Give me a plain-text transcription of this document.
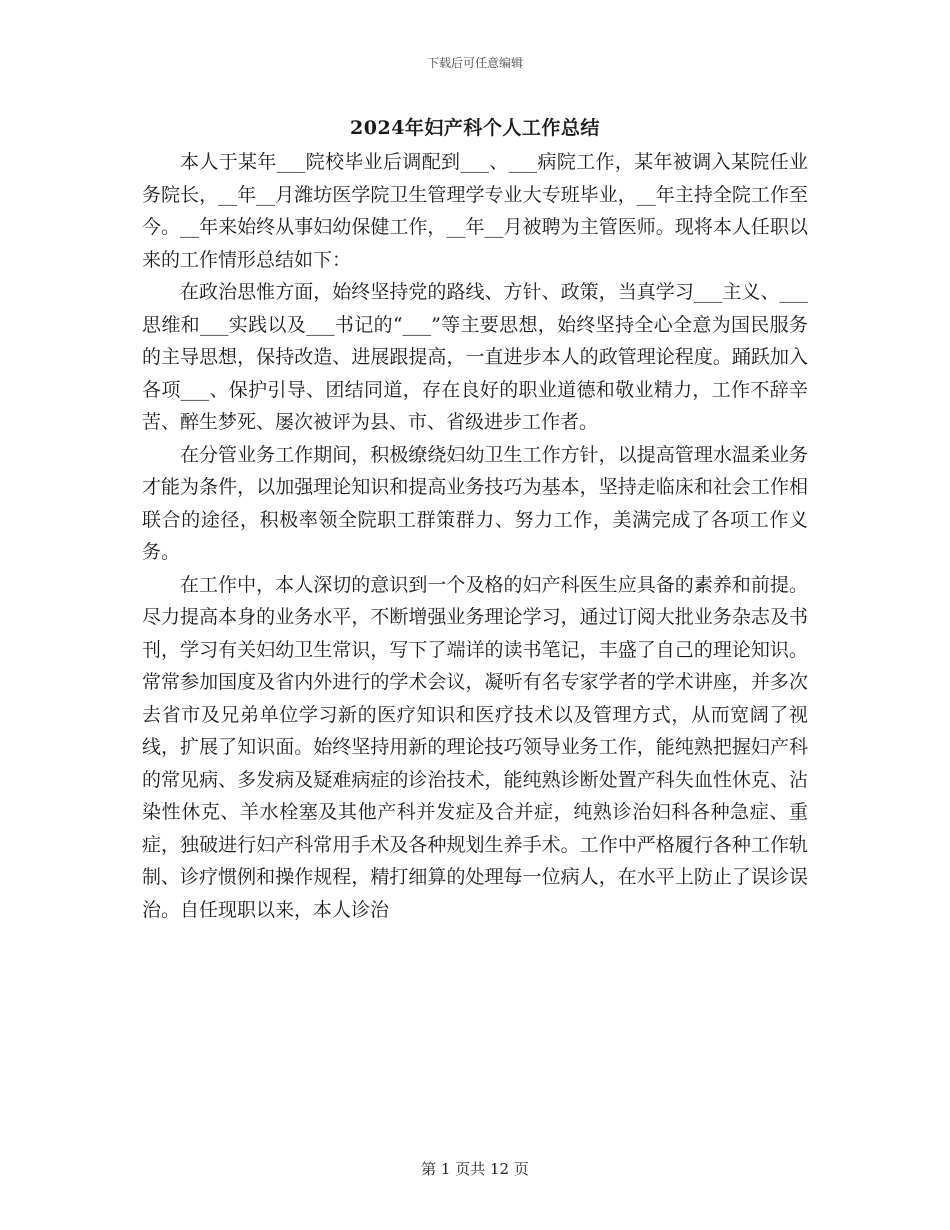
下载后可任意编辑
2024年妇产科个人工作总结

本人于某年___院校毕业后调配到___、___病院工作，某年被调入某院任业务院长，__年__月潍坊医学院卫生管理学专业大专班毕业，__年主持全院工作至今。__年来始终从事妇幼保健工作，__年__月被聘为主管医师。现将本人任职以来的工作情形总结如下：

在政治思惟方面，始终坚持党的路线、方针、政策，当真学习___主义、___思维和___实践以及___书记的“___”等主要思想，始终坚持全心全意为国民服务的主导思想，保持改造、进展跟提高，一直进步本人的政管理论程度。踊跃加入各项___、保护引导、团结同道，存在良好的职业道德和敬业精力，工作不辞辛苦、醉生梦死、屡次被评为县、市、省级进步工作者。

在分管业务工作期间，积极缭绕妇幼卫生工作方针，以提高管理水温柔业务才能为条件，以加强理论知识和提高业务技巧为基本，坚持走临床和社会工作相联合的途径，积极率领全院职工群策群力、努力工作，美满完成了各项工作义务。

在工作中，本人深切的意识到一个及格的妇产科医生应具备的素养和前提。尽力提高本身的业务水平，不断增强业务理论学习，通过订阅大批业务杂志及书刊，学习有关妇幼卫生常识，写下了端详的读书笔记，丰盛了自己的理论知识。常常参加国度及省内外进行的学术会议，凝听有名专家学者的学术讲座，并多次去省市及兄弟单位学习新的医疗知识和医疗技术以及管理方式，从而宽阔了视线，扩展了知识面。始终坚持用新的理论技巧领导业务工作，能纯熟把握妇产科的常见病、多发病及疑难病症的诊治技术，能纯熟诊断处置产科失血性休克、沾染性休克、羊水栓塞及其他产科并发症及合并症，纯熟诊治妇科各种急症、重症，独破进行妇产科常用手术及各种规划生养手术。工作中严格履行各种工作轨制、诊疗惯例和操作规程，精打细算的处理每一位病人，在水平上防止了误诊误治。自任现职以来，本人诊治

第 1 页共 12 页
